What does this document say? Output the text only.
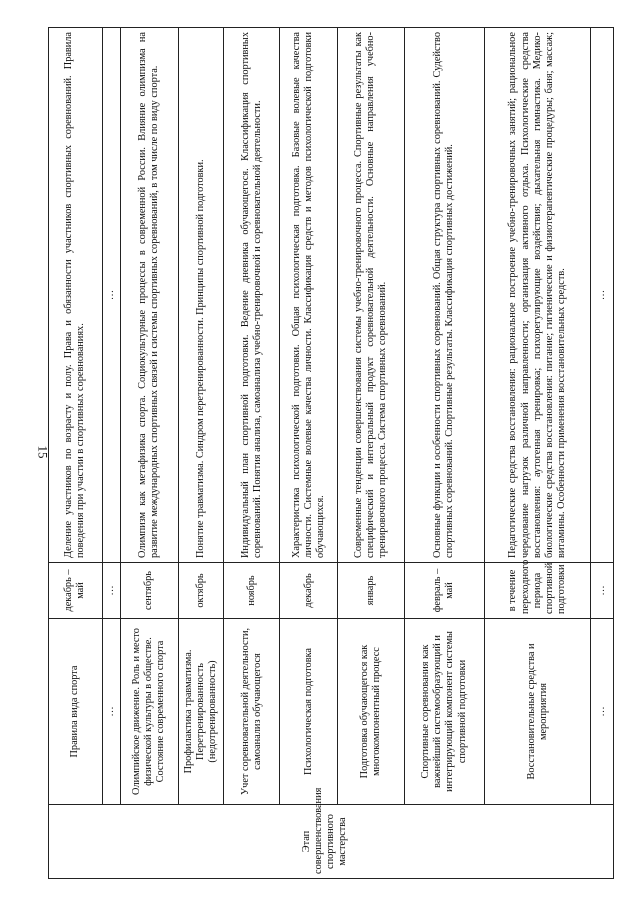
15
Этап совершенствования спортивного мастерства	Правила вида спорта	декабрь – май	Деление участников по возрасту и полу. Права и обязанности участников спортивных соревнований. Правила поведения при участии в спортивных соревнованиях.
	…	…	…
	Олимпийское движение. Роль и место физической культуры в обществе. Состояние современного спорта	сентябрь	Олимпизм как метафизика спорта. Социокультурные процессы в современной России. Влияние олимпизма на развитие международных спортивных связей и системы спортивных соревнований, в том числе по виду спорта.
	Профилактика травматизма. Перетренированность (недотренированность)	октябрь	Понятие травматизма. Синдром перетренированности. Принципы спортивной подготовки.
	Учет соревновательной деятельности, самоанализ обучающегося	ноябрь	Индивидуальный план спортивной подготовки. Ведение дневника обучающегося. Классификация спортивных соревнований. Понятия анализа, самоанализа учебно-тренировочной и соревновательной деятельности.
	Психологическая подготовка	декабрь	Характеристика психологической подготовки. Общая психологическая подготовка. Базовые волевые качества личности. Системные волевые качества личности. Классификация средств и методов психологической подготовки обучающихся.
	Подготовка обучающегося как многокомпонентный процесс	январь	Современные тенденции совершенствования системы учебно-тренировочного процесса. Спортивные результаты как специфический и интегральный продукт соревновательной деятельности. Основные направления учебно-тренировочного процесса. Система спортивных соревнований.
	Спортивные соревнования как важнейший системообразующий и интегрирующий компонент системы спортивной подготовки	февраль – май	Основные функции и особенности спортивных соревнований. Общая структура спортивных соревнований. Судейство спортивных соревнований. Спортивные результаты. Классификация спортивных достижений.
	Восстановительные средства и мероприятия	в течение переходного периода спортивной подготовки	Педагогические средства восстановления: рациональное построение учебно-тренировочных занятий; рациональное чередование нагрузок различной направленности; организация активного отдыха. Психологические средства восстановления: аутогенная тренировка; психорегулирующие воздействия; дыхательная гимнастика. Медико-биологические средства восстановления: питание; гигиенические и физиотерапевтические процедуры; баня; массаж; витамины. Особенности применения восстановительных средств.
	…	…	…
